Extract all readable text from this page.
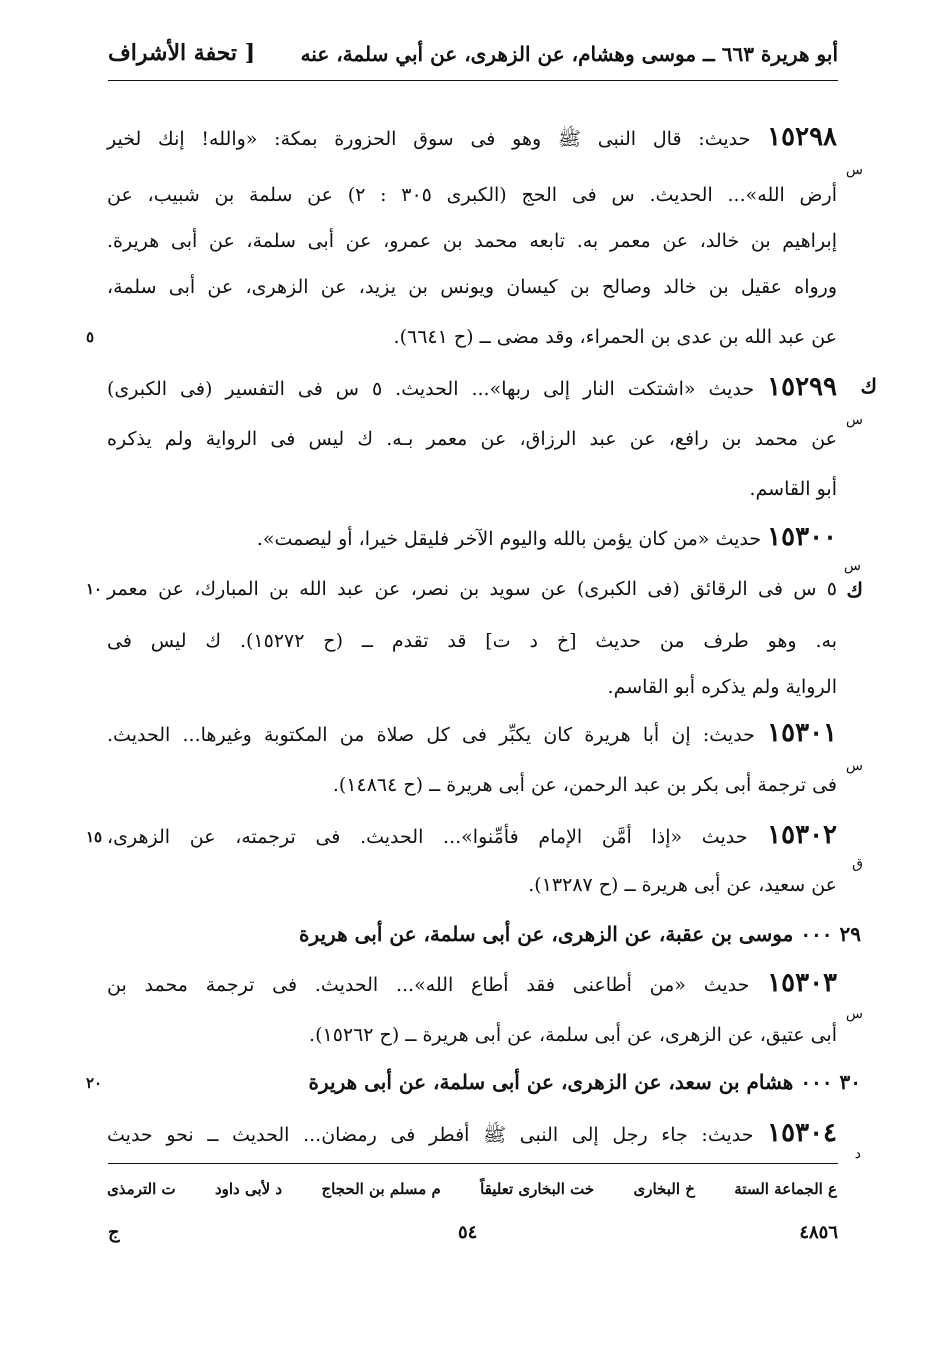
أبو هريرة ٦٦٣ ــ موسى وهشام، عن الزهرى، عن أبي سلمة، عنه
[ تحفة الأشراف
١٥٢٩٨ حديث: قال النبى ﷺ وهو فى سوق الحزورة بمكة: «والله! إنك لخير
س
أرض الله»... الحديث. س فى الحج (الكبرى ٣٠٥ : ٢) عن سلمة بن شبيب، عن
إبراهيم بن خالد، عن معمر به. تابعه محمد بن عمرو، عن أبى سلمة، عن أبى هريرة.
ورواه عقيل بن خالد وصالح بن كيسان ويونس بن يزيد، عن الزهرى، عن أبى سلمة،
عن عبد الله بن عدى بن الحمراء، وقد مضى ــ (ح ٦٦٤١).
٥
ك
١٥٢٩٩ حديث «اشتكت النار إلى ربها»... الحديث. ٥ س فى التفسير (فى الكبرى)
س
عن محمد بن رافع، عن عبد الرزاق، عن معمر بـه. ك ليس فى الرواية ولم يذكره
أبو القاسم.
١٥٣٠٠ حديث «من كان يؤمن بالله واليوم الآخر فليقل خيرا، أو ليصمت».
س
ك
٥ س فى الرقائق (فى الكبرى) عن سويد بن نصر، عن عبد الله بن المبارك، عن معمر
١٠
به. وهو طرف من حديث [خ د ت] قد تقدم ــ (ح ١٥٢٧٢). ك ليس فى
الرواية ولم يذكره أبو القاسم.
١٥٣٠١ حديث: إن أبا هريرة كان يكبِّر فى كل صلاة من المكتوبة وغيرها... الحديث.
س
فى ترجمة أبى بكر بن عبد الرحمن، عن أبى هريرة ــ (ح ١٤٨٦٤).
١٥٣٠٢ حديث «إذا أمَّن الإمام فأمِّنوا»... الحديث. فى ترجمته، عن الزهرى،
١٥
ق
عن سعيد، عن أبى هريرة ــ (ح ١٣٢٨٧).
٢٩ ٠٠٠ موسى بن عقبة، عن الزهرى، عن أبى سلمة، عن أبى هريرة
١٥٣٠٣ حديث «من أطاعنى فقد أطاع الله»... الحديث. فى ترجمة محمد بن
س
أبى عتيق، عن الزهرى، عن أبى سلمة، عن أبى هريرة ــ (ح ١٥٢٦٢).
٣٠ ٠٠٠ هشام بن سعد، عن الزهرى، عن أبى سلمة، عن أبى هريرة
٢٠
١٥٣٠٤ حديث: جاء رجل إلى النبى ﷺ أفطر فى رمضان... الحديث ــ نحو حديث
د
ع الجماعة الستة
خ البخارى
خت البخارى تعليقاً
م مسلم بن الحجاج
د لأبى داود
ت الترمذى
٤٨٥٦
٥٤
ج
